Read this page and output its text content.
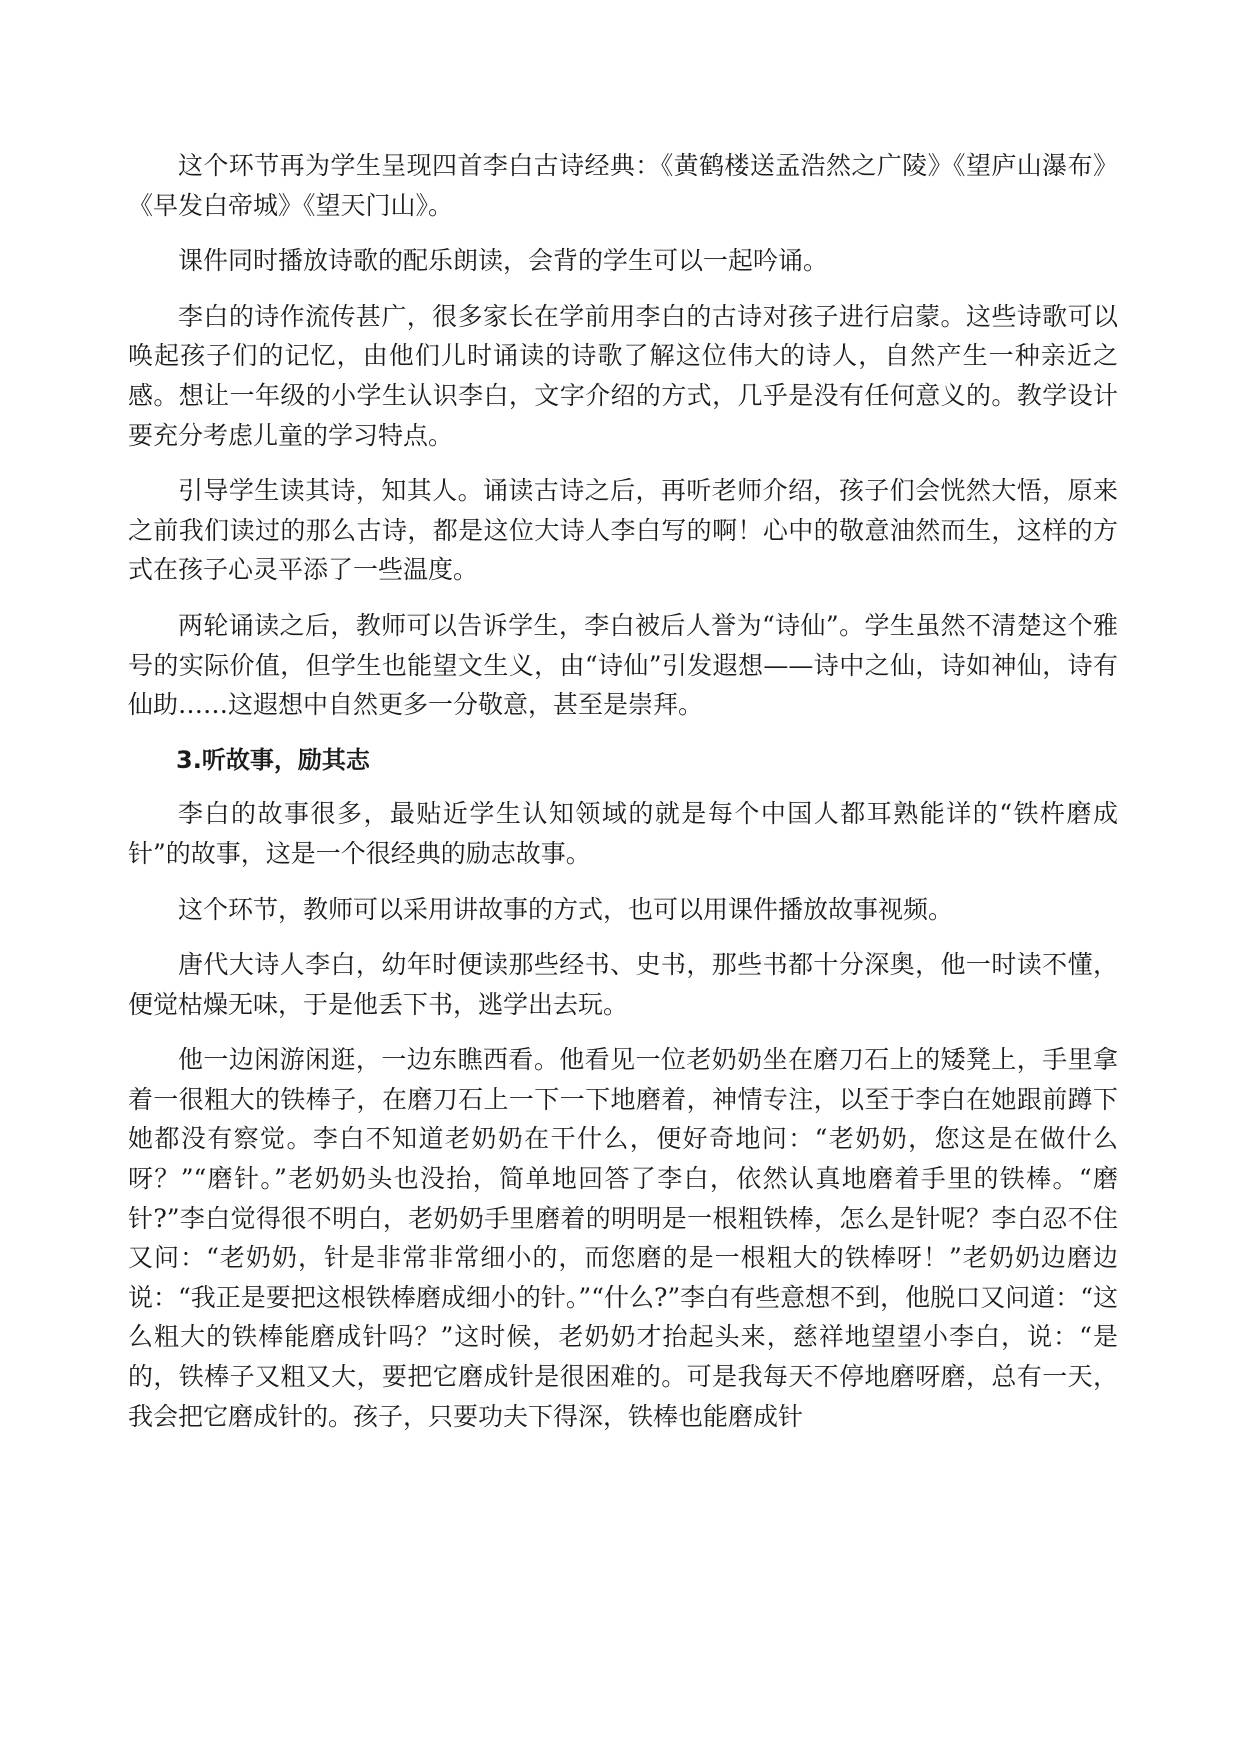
这个环节再为学生呈现四首李白古诗经典：《黄鹤楼送孟浩然之广陵》《望庐山瀑布》《早发白帝城》《望天门山》。

课件同时播放诗歌的配乐朗读，会背的学生可以一起吟诵。

李白的诗作流传甚广，很多家长在学前用李白的古诗对孩子进行启蒙。这些诗歌可以唤起孩子们的记忆，由他们儿时诵读的诗歌了解这位伟大的诗人，自然产生一种亲近之感。想让一年级的小学生认识李白，文字介绍的方式，几乎是没有任何意义的。教学设计要充分考虑儿童的学习特点。

引导学生读其诗，知其人。诵读古诗之后，再听老师介绍，孩子们会恍然大悟，原来之前我们读过的那么古诗，都是这位大诗人李白写的啊！心中的敬意油然而生，这样的方式在孩子心灵平添了一些温度。

两轮诵读之后，教师可以告诉学生，李白被后人誉为“诗仙”。学生虽然不清楚这个雅号的实际价值，但学生也能望文生义，由“诗仙”引发遐想——诗中之仙，诗如神仙，诗有仙助……这遐想中自然更多一分敬意，甚至是崇拜。

3.听故事，励其志

李白的故事很多，最贴近学生认知领域的就是每个中国人都耳熟能详的“铁杵磨成针”的故事，这是一个很经典的励志故事。

这个环节，教师可以采用讲故事的方式，也可以用课件播放故事视频。

唐代大诗人李白，幼年时便读那些经书、史书，那些书都十分深奥，他一时读不懂，便觉枯燥无味，于是他丢下书，逃学出去玩。

他一边闲游闲逛，一边东瞧西看。他看见一位老奶奶坐在磨刀石上的矮凳上，手里拿着一很粗大的铁棒子，在磨刀石上一下一下地磨着，神情专注，以至于李白在她跟前蹲下她都没有察觉。李白不知道老奶奶在干什么，便好奇地问：“老奶奶，您这是在做什么呀？”“磨针。”老奶奶头也没抬，简单地回答了李白，依然认真地磨着手里的铁棒。“磨针?”李白觉得很不明白，老奶奶手里磨着的明明是一根粗铁棒，怎么是针呢？李白忍不住又问：“老奶奶，针是非常非常细小的，而您磨的是一根粗大的铁棒呀！”老奶奶边磨边说：“我正是要把这根铁棒磨成细小的针。”“什么?”李白有些意想不到，他脱口又问道：“这么粗大的铁棒能磨成针吗？”这时候，老奶奶才抬起头来，慈祥地望望小李白，说：“是的，铁棒子又粗又大，要把它磨成针是很困难的。可是我每天不停地磨呀磨，总有一天，我会把它磨成针的。孩子，只要功夫下得深，铁棒也能磨成针
